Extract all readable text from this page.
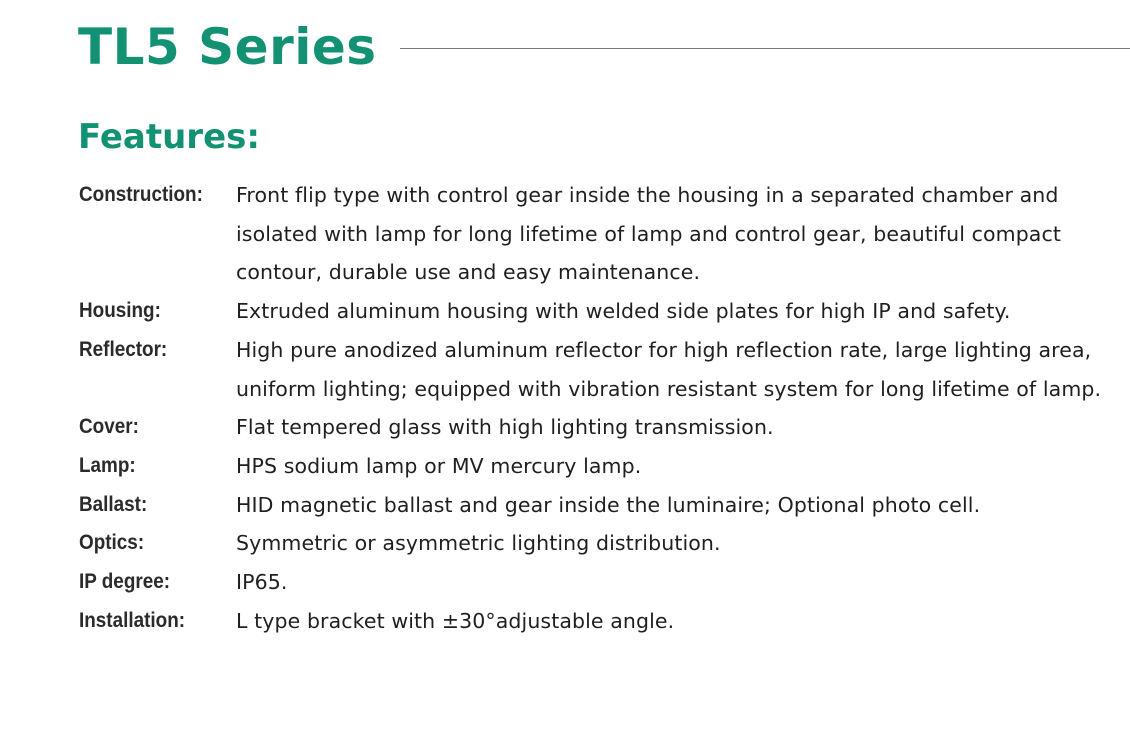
TL5 Series
Features:
Construction:	Front flip type with control gear inside the housing in a separated chamber and isolated with lamp for long lifetime of lamp and control gear, beautiful compact contour, durable use and easy maintenance.
Housing:	Extruded aluminum housing with welded side plates for high IP and safety.
Reflector:	High pure anodized aluminum reflector for high reflection rate, large lighting area, uniform lighting; equipped with vibration resistant system for long lifetime of lamp.
Cover:	Flat tempered glass with high lighting transmission.
Lamp:	HPS sodium lamp or MV mercury lamp.
Ballast:	HID magnetic ballast and gear inside the luminaire; Optional photo cell.
Optics:	Symmetric or asymmetric lighting distribution.
IP degree:	IP65.
Installation:	L type bracket with ±30°adjustable angle.
